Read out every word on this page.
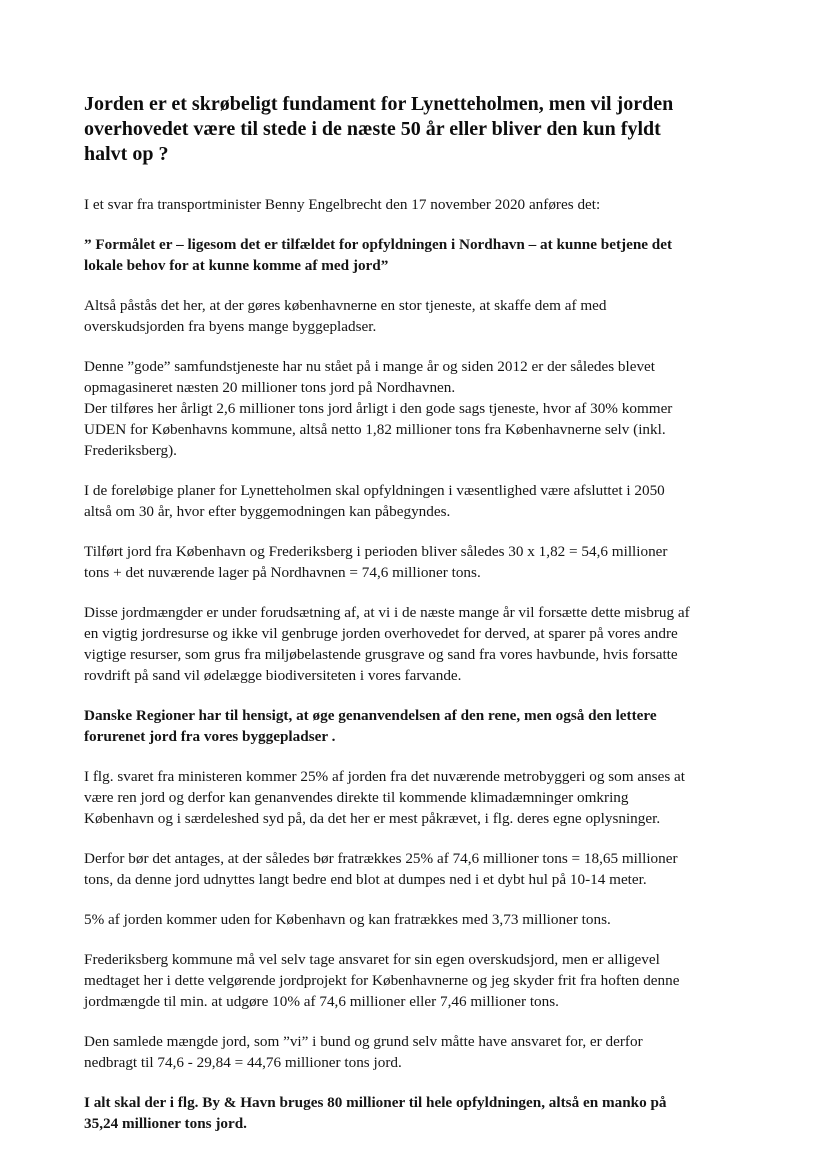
Jorden er et skrøbeligt fundament for Lynetteholmen, men vil jorden
overhovedet være til stede i de næste 50 år eller bliver den kun fyldt
halvt op ?

I et svar fra transportminister Benny Engelbrecht den 17 november 2020 anføres det:

” Formålet er – ligesom det er tilfældet for opfyldningen i Nordhavn – at kunne betjene det
lokale behov for at kunne komme af med jord”

Altså påstås det her, at der gøres københavnerne en stor tjeneste, at skaffe dem af med
overskudsjorden fra byens mange byggepladser.

Denne ”gode” samfundstjeneste har nu stået på i mange år og siden 2012 er der således blevet
opmagasineret næsten 20 millioner tons jord på Nordhavnen.
Der tilføres her årligt 2,6 millioner tons jord årligt i den gode sags tjeneste, hvor af 30% kommer
UDEN for Københavns kommune, altså netto 1,82 millioner tons fra Københavnerne selv (inkl.
Frederiksberg).

I de foreløbige planer for Lynetteholmen skal opfyldningen i væsentlighed være afsluttet i 2050
altså om 30 år, hvor efter byggemodningen kan påbegyndes.

Tilført jord fra København og Frederiksberg i perioden bliver således 30 x 1,82 = 54,6 millioner
tons + det nuværende lager på Nordhavnen = 74,6 millioner tons.

Disse jordmængder er under forudsætning af, at vi i de næste mange år vil forsætte dette misbrug af
en vigtig jordresurse og ikke vil genbruge jorden overhovedet for derved, at sparer på vores andre
vigtige resurser, som grus fra miljøbelastende grusgrave og sand fra vores havbunde, hvis forsatte
rovdrift på sand vil ødelægge biodiversiteten i vores farvande.

Danske Regioner har til hensigt, at øge genanvendelsen af den rene, men også den lettere
forurenet jord fra vores byggepladser .

I flg. svaret fra ministeren kommer 25% af jorden fra det nuværende metrobyggeri og som anses at
være ren jord og derfor kan genanvendes direkte til kommende klimadæmninger omkring
København og i særdeleshed syd på, da det her er mest påkrævet, i flg. deres egne oplysninger.

Derfor bør det antages, at der således bør fratrækkes 25% af 74,6 millioner tons = 18,65 millioner
tons, da denne jord udnyttes langt bedre end blot at dumpes ned i et dybt hul på 10-14 meter.

5% af jorden kommer uden for København og kan fratrækkes med 3,73 millioner tons.

Frederiksberg kommune må vel selv tage ansvaret for sin egen overskudsjord, men er alligevel
medtaget her i dette velgørende jordprojekt for Københavnerne og jeg skyder frit fra hoften denne
jordmængde til min. at udgøre 10% af 74,6 millioner eller 7,46 millioner tons.

Den samlede mængde jord, som ”vi” i bund og grund selv måtte have ansvaret for, er derfor
nedbragt til 74,6 - 29,84 = 44,76 millioner tons jord.

I alt skal der i flg. By & Havn bruges 80 millioner til hele opfyldningen, altså en manko på
35,24 millioner tons jord.
